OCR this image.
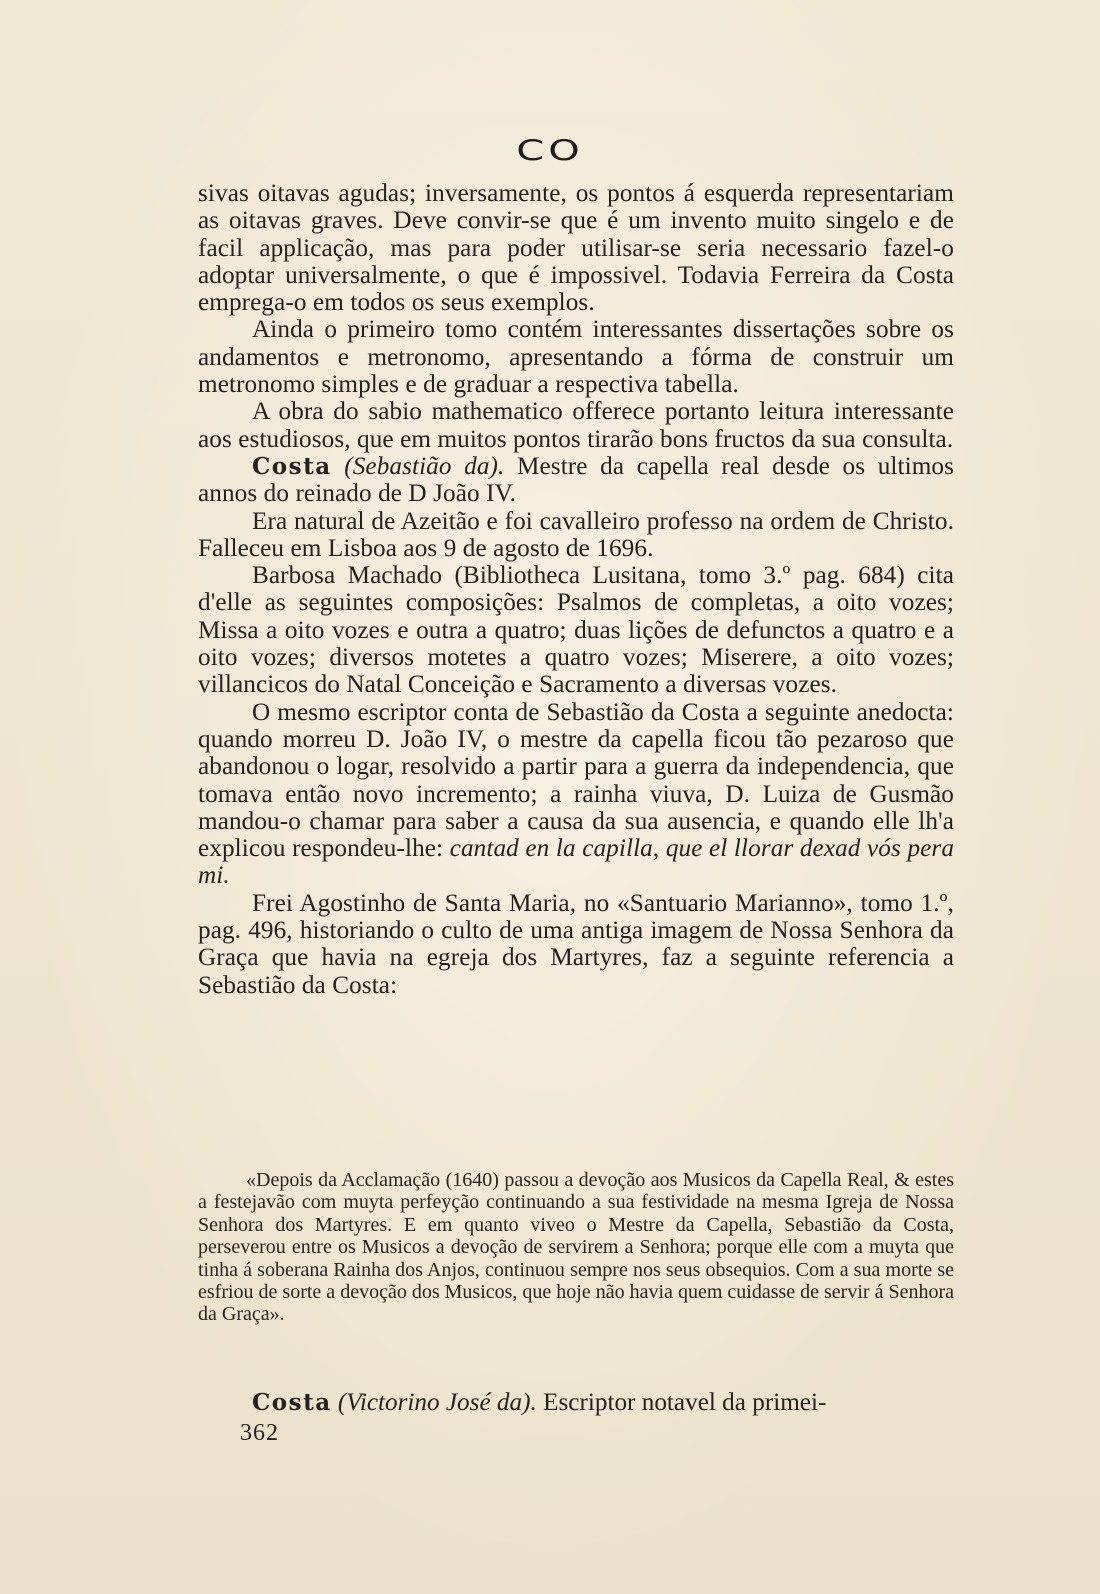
CO

sivas oitavas agudas; inversamente, os pontos á esquerda representariam as oitavas graves. Deve convir-se que é um invento muito singelo e de facil applicação, mas para poder utilisar-se seria necessario fazel-o adoptar universalmente, o que é impossivel. Todavia Ferreira da Costa emprega-o em todos os seus exemplos.

Ainda o primeiro tomo contém interessantes dissertações sobre os andamentos e metronomo, apresentando a fórma de construir um metronomo simples e de graduar a respectiva tabella.

A obra do sabio mathematico offerece portanto leitura interessante aos estudiosos, que em muitos pontos tirarão bons fructos da sua consulta.

Costa (Sebastião da). Mestre da capella real desde os ultimos annos do reinado de D João IV.

Era natural de Azeitão e foi cavalleiro professo na ordem de Christo. Falleceu em Lisboa aos 9 de agosto de 1696.

Barbosa Machado (Bibliotheca Lusitana, tomo 3.º pag. 684) cita d'elle as seguintes composições: Psalmos de completas, a oito vozes; Missa a oito vozes e outra a quatro; duas lições de defunctos a quatro e a oito vozes; diversos motetes a quatro vozes; Miserere, a oito vozes; villancicos do Natal Conceição e Sacramento a diversas vozes.

O mesmo escriptor conta de Sebastião da Costa a seguinte anedocta: quando morreu D. João IV, o mestre da capella ficou tão pezaroso que abandonou o logar, resolvido a partir para a guerra da independencia, que tomava então novo incremento; a rainha viuva, D. Luiza de Gusmão mandou-o chamar para saber a causa da sua ausencia, e quando elle lh'a explicou respondeu-lhe: cantad en la capilla, que el llorar dexad vós pera mi.

Frei Agostinho de Santa Maria, no «Santuario Marianno», tomo 1.º, pag. 496, historiando o culto de uma antiga imagem de Nossa Senhora da Graça que havia na egreja dos Martyres, faz a seguinte referencia a Sebastião da Costa:

«Depois da Acclamação (1640) passou a devoção aos Musicos da Capella Real, & estes a festejavão com muyta perfeyção continuando a sua festividade na mesma Igreja de Nossa Senhora dos Martyres. E em quanto viveo o Mestre da Capella, Sebastião da Costa, perseverou entre os Musicos a devoção de servirem a Senhora; porque elle com a muyta que tinha á soberana Rainha dos Anjos, continuou sempre nos seus obsequios. Com a sua morte se esfriou de sorte a devoção dos Musicos, que hoje não havia quem cuidasse de servir á Senhora da Graça».
Costa (Victorino José da). Escriptor notavel da primei-
362
